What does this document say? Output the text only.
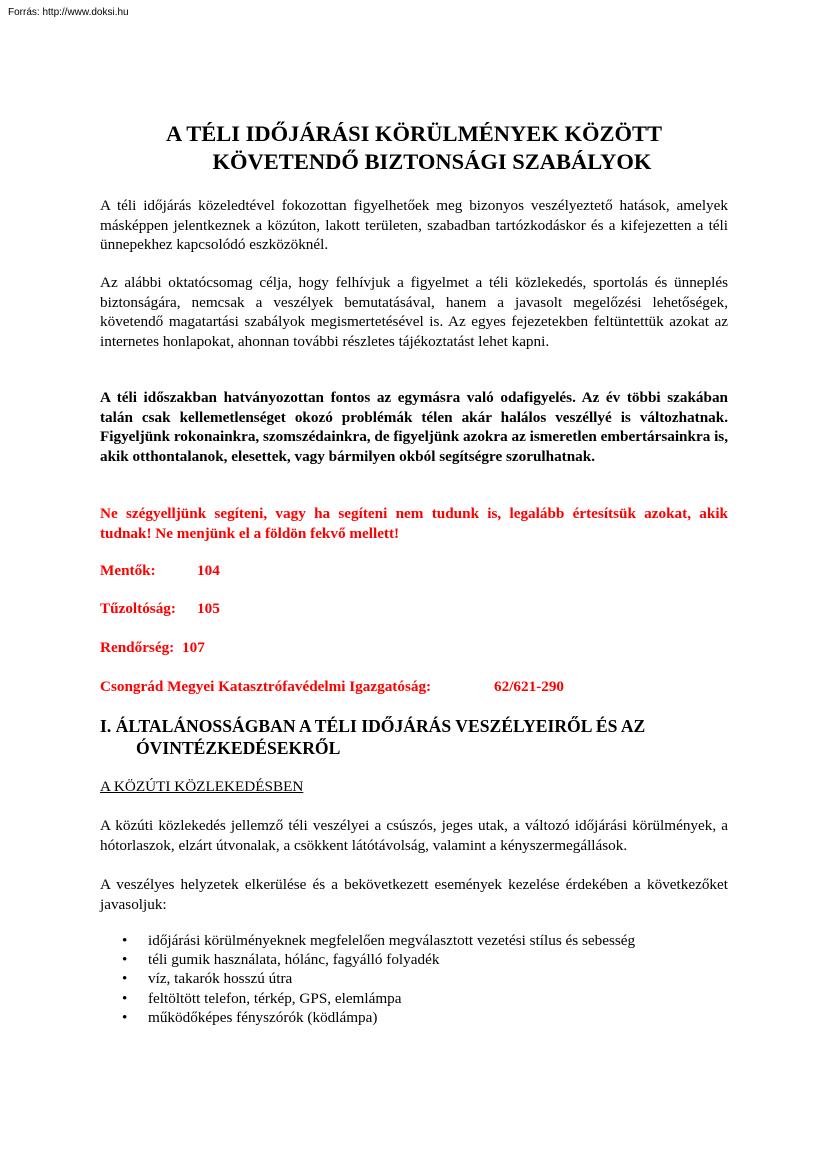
Forrás: http://www.doksi.hu
A TÉLI IDŐJÁRÁSI KÖRÜLMÉNYEK KÖZÖTT
KÖVETENDŐ BIZTONSÁGI SZABÁLYOK

A téli időjárás közeledtével fokozottan figyelhetőek meg bizonyos veszélyeztető hatások, amelyek másképpen jelentkeznek a közúton, lakott területen, szabadban tartózkodáskor és a kifejezetten a téli ünnepekhez kapcsolódó eszközöknél.

Az alábbi oktatócsomag célja, hogy felhívjuk a figyelmet a téli közlekedés, sportolás és ünneplés biztonságára, nemcsak a veszélyek bemutatásával, hanem a javasolt megelőzési lehetőségek, követendő magatartási szabályok megismertetésével is. Az egyes fejezetekben feltüntettük azokat az internetes honlapokat, ahonnan további részletes tájékoztatást lehet kapni.

A téli időszakban hatványozottan fontos az egymásra való odafigyelés. Az év többi szakában talán csak kellemetlenséget okozó problémák télen akár halálos veszéllyé is változhatnak. Figyeljünk rokonainkra, szomszédainkra, de figyeljünk azokra az ismeretlen embertársainkra is, akik otthontalanok, elesettek, vagy bármilyen okból segítségre szorulhatnak.

Ne szégyelljünk segíteni, vagy ha segíteni nem tudunk is, legalább értesítsük azokat, akik tudnak! Ne menjünk el a földön fekvő mellett!

Mentők:	104

Tűzoltóság: 105

Rendőrség: 107

Csongrád Megyei Katasztrófavédelmi Igazgatóság:	62/621-290

I. ÁLTALÁNOSSÁGBAN A TÉLI IDŐJÁRÁS VESZÉLYEIRŐL ÉS AZ
ÓVINTÉZKEDÉSEKRŐL

A KÖZÚTI KÖZLEKEDÉSBEN

A közúti közlekedés jellemző téli veszélyei a csúszós, jeges utak, a változó időjárási körülmények, a hótorlaszok, elzárt útvonalak, a csökkent látótávolság, valamint a kényszermegállások.

A veszélyes helyzetek elkerülése és a bekövetkezett események kezelése érdekében a következőket javasoljuk:

• időjárási körülményeknek megfelelően megválasztott vezetési stílus és sebesség
• téli gumik használata, hólánc, fagyálló folyadék
• víz, takarók hosszú útra
• feltöltött telefon, térkép, GPS, elemlámpa
• működőképes fényszórók (ködlámpa)
